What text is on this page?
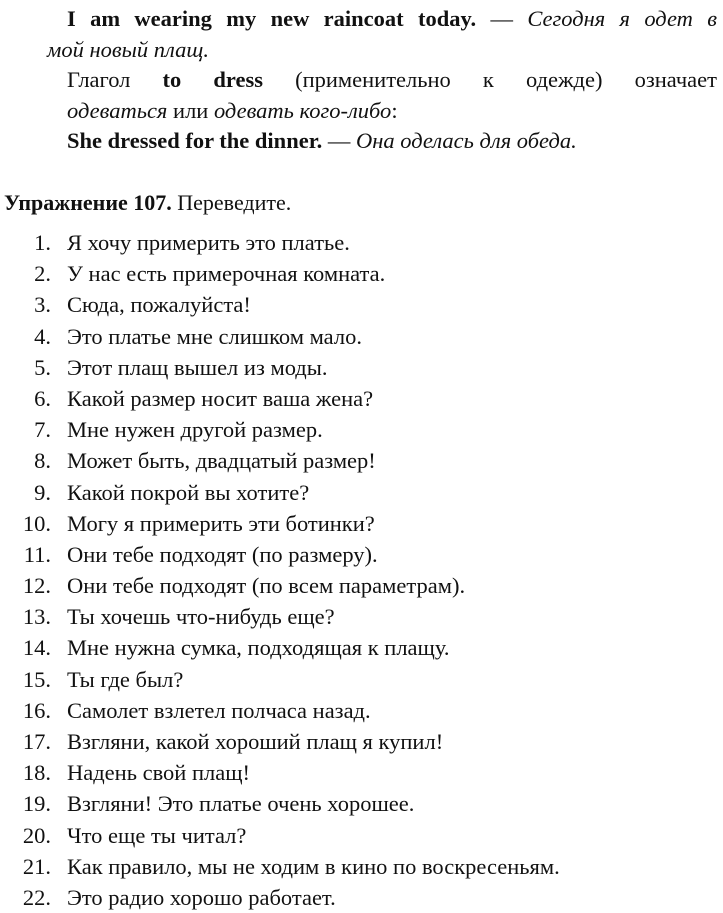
I am wearing my new raincoat today. — Сегодня я одет в

мой новый плащ.

Глагол to dress (применительно к одежде) означает

одеваться или одевать кого-либо:

She dressed for the dinner. — Она оделась для обеда.

Упражнение 107. Переведите.
1. Я хочу примерить это платье.
2. У нас есть примерочная комната.
3. Сюда, пожалуйста!
4. Это платье мне слишком мало.
5. Этот плащ вышел из моды.
6. Какой размер носит ваша жена?
7. Мне нужен другой размер.
8. Может быть, двадцатый размер!
9. Какой покрой вы хотите?
10. Могу я примерить эти ботинки?
11. Они тебе подходят (по размеру).
12. Они тебе подходят (по всем параметрам).
13. Ты хочешь что-нибудь еще?
14. Мне нужна сумка, подходящая к плащу.
15. Ты где был?
16. Самолет взлетел полчаса назад.
17. Взгляни, какой хороший плащ я купил!
18. Надень свой плащ!
19. Взгляни! Это платье очень хорошее.
20. Что еще ты читал?
21. Как правило, мы не ходим в кино по воскресеньям.
22. Это радио хорошо работает.
